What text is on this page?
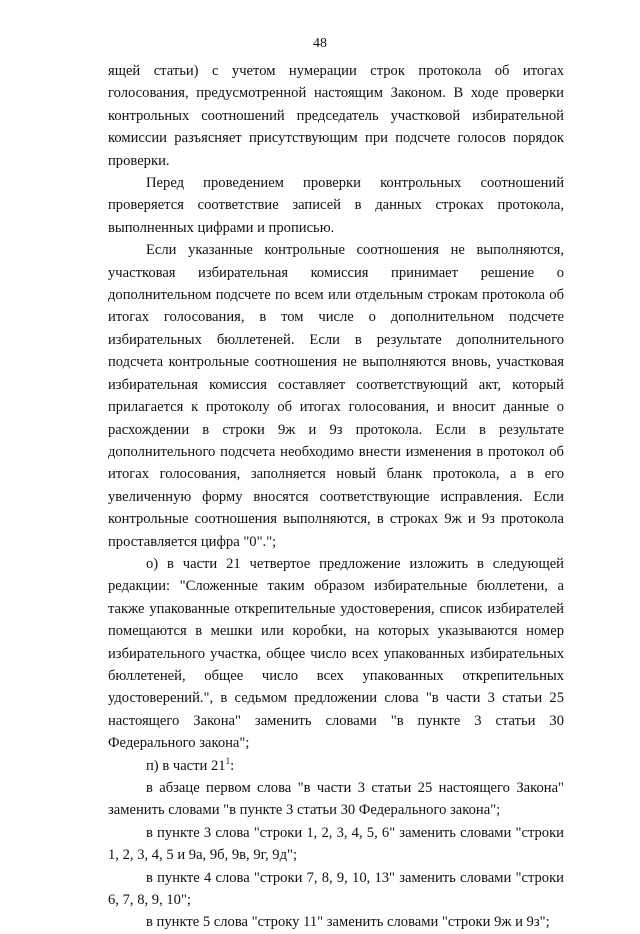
48

ящей статьи) с учетом нумерации строк протокола об итогах голосования, предусмотренной настоящим Законом. В ходе проверки контрольных соотношений председатель участковой избирательной комиссии разъясняет присутствующим при подсчете голосов порядок проверки.

Перед проведением проверки контрольных соотношений проверяется соответствие записей в данных строках протокола, выполненных цифрами и прописью.

Если указанные контрольные соотношения не выполняются, участковая избирательная комиссия принимает решение о дополнительном подсчете по всем или отдельным строкам протокола об итогах голосования, в том числе о дополнительном подсчете избирательных бюллетеней. Если в результате дополнительного подсчета контрольные соотношения не выполняются вновь, участковая избирательная комиссия составляет соответствующий акт, который прилагается к протоколу об итогах голосования, и вносит данные о расхождении в строки 9ж и 9з протокола. Если в результате дополнительного подсчета необходимо внести изменения в протокол об итогах голосования, заполняется новый бланк протокола, а в его увеличенную форму вносятся соответствующие исправления. Если контрольные соотношения выполняются, в строках 9ж и 9з протокола проставляется цифра "0".";

о) в части 21 четвертое предложение изложить в следующей редакции: "Сложенные таким образом избирательные бюллетени, а также упакованные открепительные удостоверения, список избирателей помещаются в мешки или коробки, на которых указываются номер избирательного участка, общее число всех упакованных избирательных бюллетеней, общее число всех упакованных открепительных удостоверений.", в седьмом предложении слова "в части 3 статьи 25 настоящего Закона" заменить словами "в пункте 3 статьи 30 Федерального закона";

п) в части $21^1$:

в абзаце первом слова "в части 3 статьи 25 настоящего Закона" заменить словами "в пункте 3 статьи 30 Федерального закона";

в пункте 3 слова "строки 1, 2, 3, 4, 5, 6" заменить словами "строки 1, 2, 3, 4, 5 и 9а, 9б, 9в, 9г, 9д";

в пункте 4 слова "строки 7, 8, 9, 10, 13" заменить словами "строки 6, 7, 8, 9, 10";

в пункте 5 слова "строку 11" заменить словами "строки 9ж и 9з";
